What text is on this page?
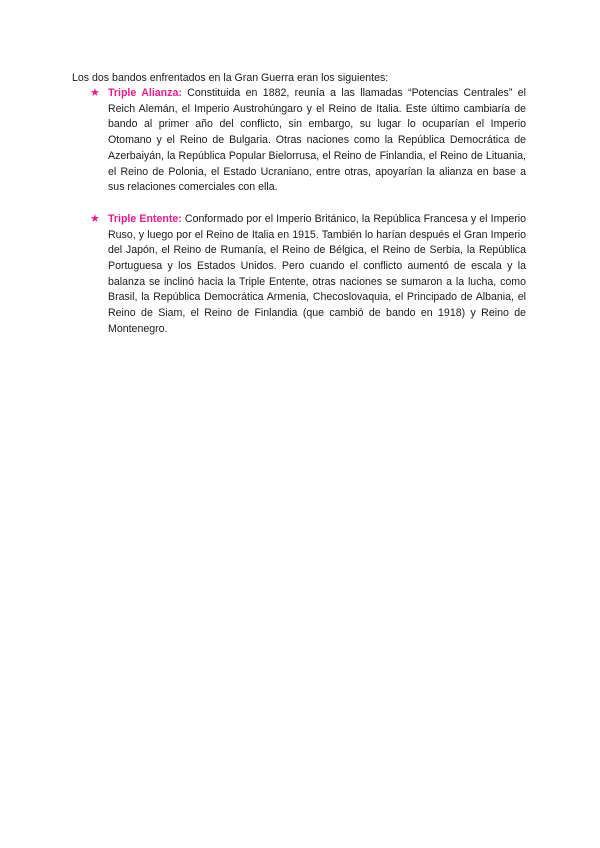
Los dos bandos enfrentados en la Gran Guerra eran los siguientes:

★ Triple Alianza: Constituida en 1882, reunía a las llamadas “Potencias Centrales” el Reich Alemán, el Imperio Austrohúngaro y el Reino de Italia. Este último cambiaría de bando al primer año del conflicto, sin embargo, su lugar lo ocuparían el Imperio Otomano y el Reino de Bulgaria. Otras naciones como la República Democrática de Azerbaiyán, la República Popular Bielorrusa, el Reino de Finlandia, el Reino de Lituania, el Reino de Polonia, el Estado Ucraniano, entre otras, apoyarían la alianza en base a sus relaciones comerciales con ella.
★ Triple Entente: Conformado por el Imperio Británico, la República Francesa y el Imperio Ruso, y luego por el Reino de Italia en 1915. También lo harían después el Gran Imperio del Japón, el Reino de Rumanía, el Reino de Bélgica, el Reino de Serbia, la República Portuguesa y los Estados Unidos. Pero cuando el conflicto aumentó de escala y la balanza se inclinó hacia la Triple Entente, otras naciones se sumaron a la lucha, como Brasil, la República Democrática Armenia, Checoslovaquia, el Principado de Albania, el Reino de Siam, el Reino de Finlandia (que cambió de bando en 1918) y Reino de Montenegro.
